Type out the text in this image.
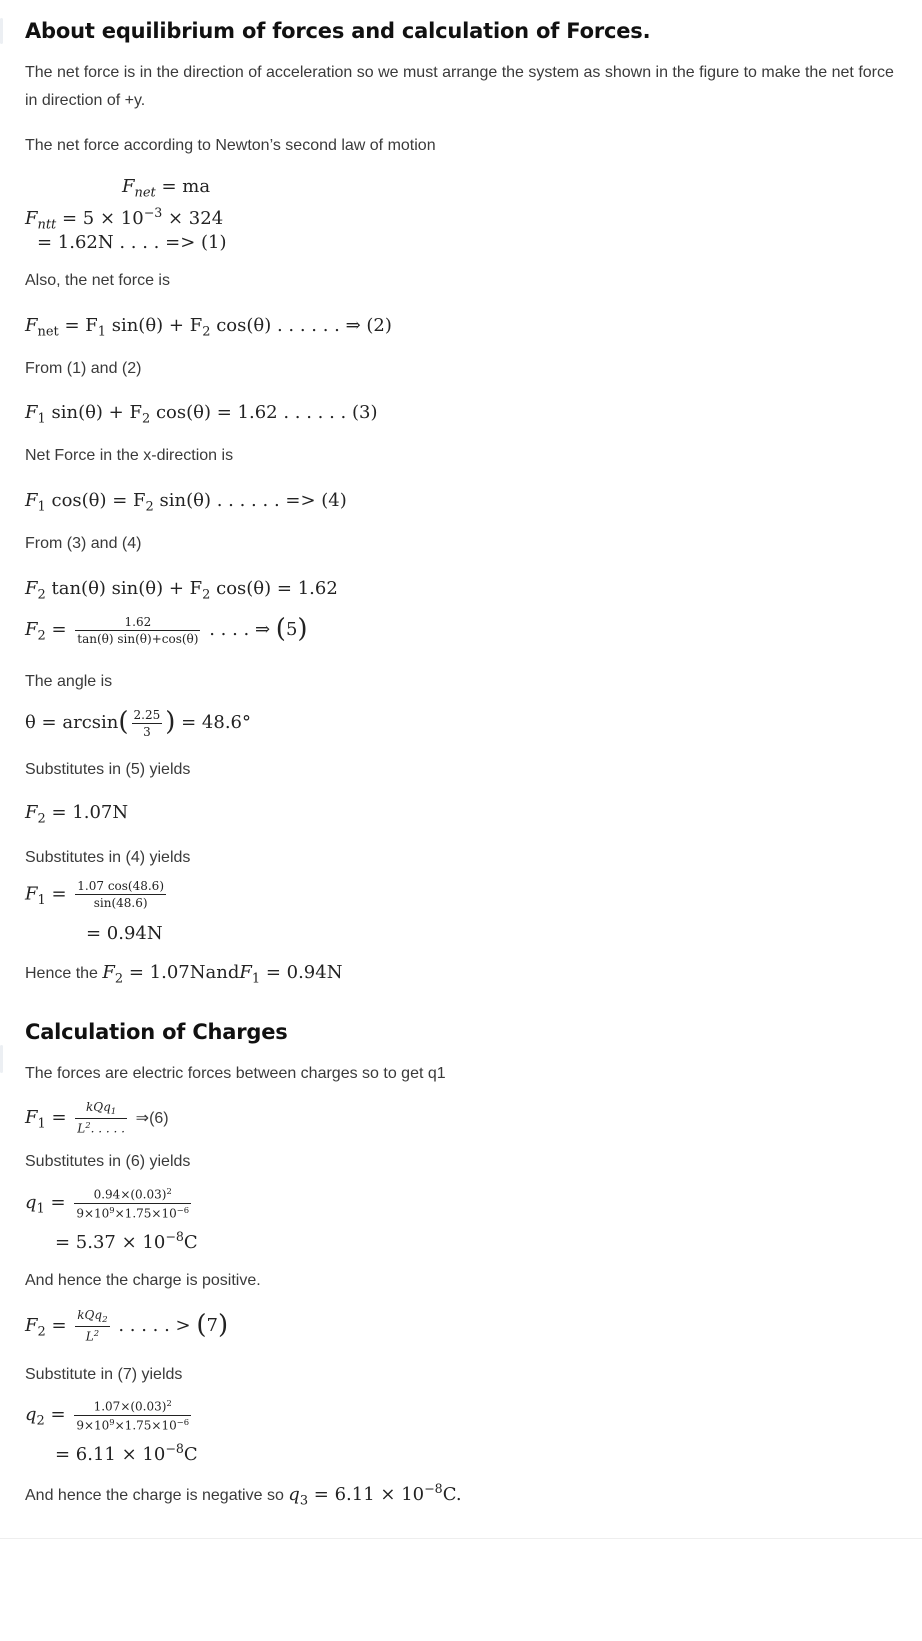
About equilibrium of forces and calculation of Forces.
The net force is in the direction of acceleration so we must arrange the system as shown in the figure to make the net force
in direction of +y.
The net force according to Newton’s second law of motion
$F_{net}$ = ma
$F_{ntt} = 5 \times 10^{-3} \times 324$
= 1.62N . . . . => (1)
Also, the net force is
$F_{net} = F_1$ $\sin(\theta) + F_2$ cos(θ) . . . . . . ⇒ (2)
From (1) and (2)
$F_1$ $\sin(\theta) + F_2$ cos(θ) = 1.62 . . . . . . (3)
Net Force in the x-direction is
$F_1$ $\cos(\theta) = F_2$ sin(θ) . . . . . . => (4)
From (3) and (4)
$F_2$ tan(θ) $\sin(\theta) + F_2$ cos(θ) = 1.62
$F_2 = \frac{1.62}{\tan(\theta) \sin(\theta)+\cos(\theta)}$ . . . . ⇒ (5)
The angle is
$\theta = \arcsin( \frac{2.25}{3}$ ) = 48.6°
Substitutes in (5) yields
$F_2 = 1.07N$
Substitutes in (4) yields
$F_1 = \frac{1.07 \cos(48.6)}{\sin(48.6)}$
= 0.94N
Hence the $F_2$ = 1.07NandF$_1$ = 0.94N
Calculation of Charges
The forces are electric forces between charges so to get q1
$F_1 = \frac{kQq_1}{L^2. . . . .}$ ⇒(6)
Substitutes in (6) yields
$q_1 = \frac{0.94\times(0.03)^2}{9\times 10^9\times 1.75\times 10^{-6}}$
= $5.37 \times 10^{-8}C$
And hence the charge is positive.
$F_2 = \frac{kQq_2}{L^2}$ . . . . . > (7)
Substitute in (7) yields
$q_2 = \frac{1.07\times(0.03)^2}{9\times 10^9\times 1.75\times 10^{-6}}$
= $6.11 \times 10^{-8}C$
And hence the charge is negative so $q_3 = 6.11 \times 10^{-8}C$.
